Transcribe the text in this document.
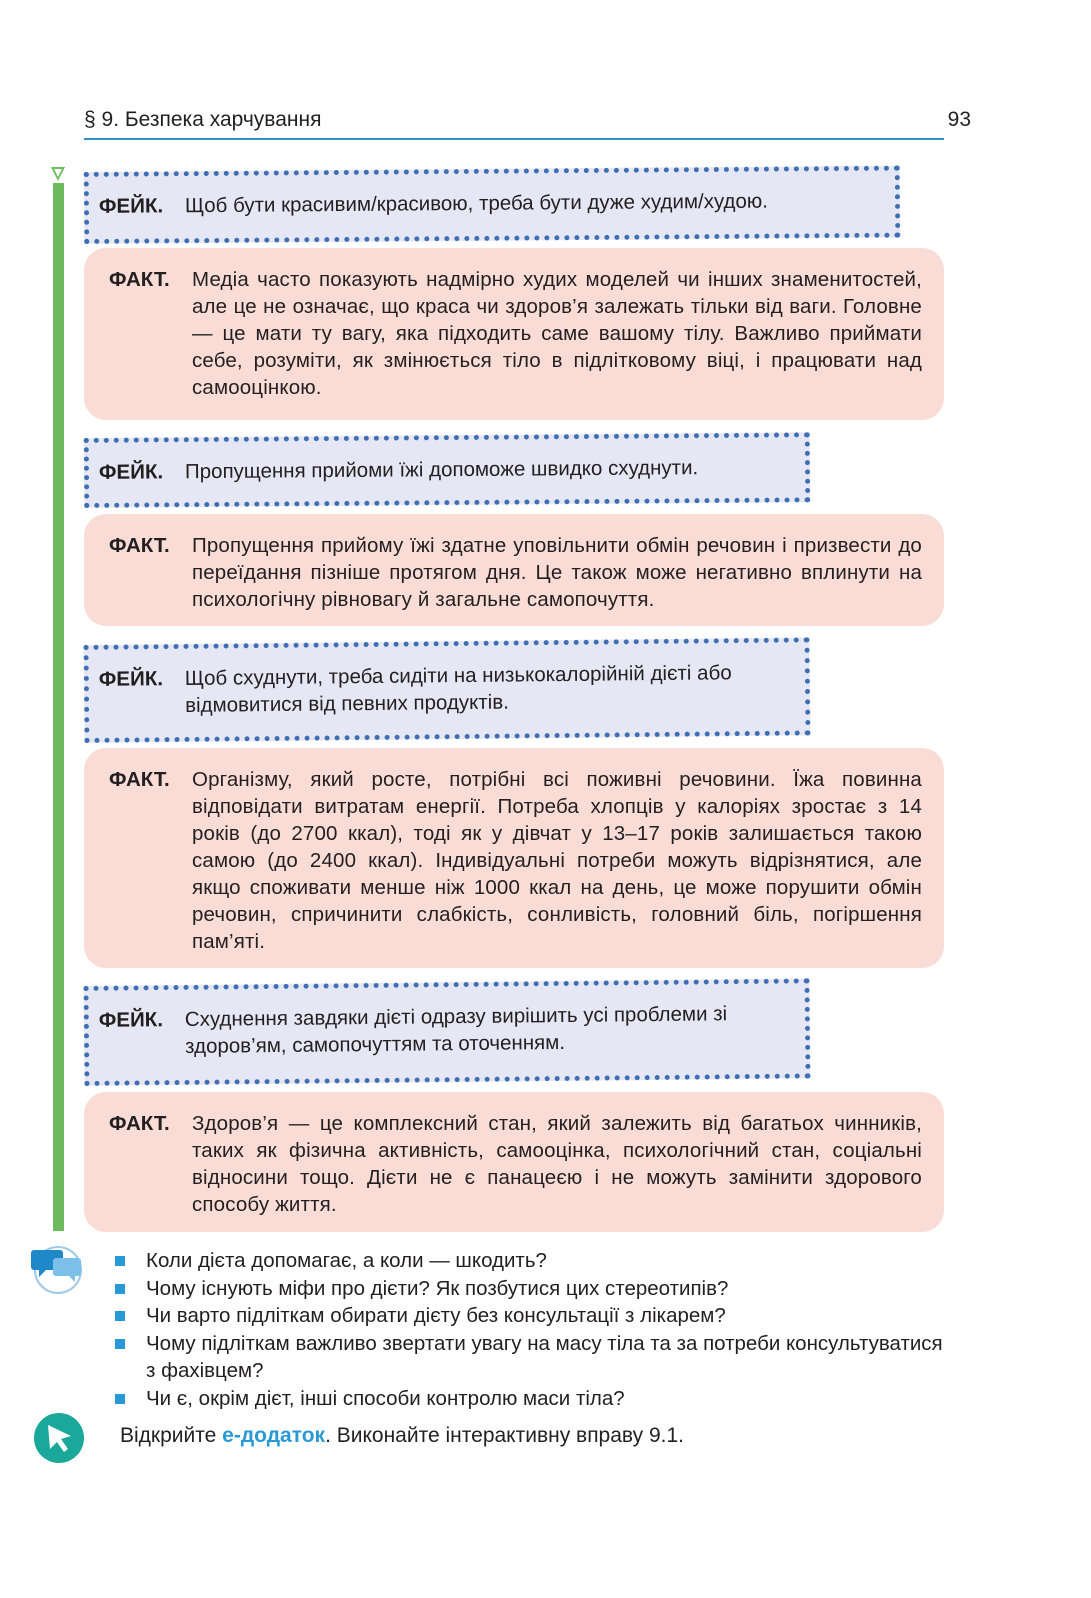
§ 9. Безпека харчування	93
ФЕЙК. Щоб бути красивим/красивою, треба бути дуже худим/худою.
ФАКТ. Медіа часто показують надмірно худих моделей чи інших знаменитостей, але це не означає, що краса чи здоров’я залежать тільки від ваги. Головне — це мати ту вагу, яка підходить саме вашому тілу. Важливо приймати себе, розуміти, як змінюється тіло в підлітковому віці, і працювати над самооцінкою.
ФЕЙК. Пропущення прийоми їжі допоможе швидко схуднути.
ФАКТ. Пропущення прийому їжі здатне уповільнити обмін речовин і призвести до переїдання пізніше протягом дня. Це також може негативно вплинути на психологічну рівновагу й загальне самопочуття.
ФЕЙК. Щоб схуднути, треба сидіти на низькокалорійній дієті або відмовитися від певних продуктів.
ФАКТ. Організму, який росте, потрібні всі поживні речовини. Їжа повинна відповідати витратам енергії. Потреба хлопців у калоріях зростає з 14 років (до 2700 ккал), тоді як у дівчат у 13–17 років залишається такою самою (до 2400 ккал). Індивідуальні потреби можуть відрізнятися, але якщо споживати менше ніж 1000 ккал на день, це може порушити обмін речовин, спричинити слабкість, сонливість, головний біль, погіршення пам’яті.
ФЕЙК. Схуднення завдяки дієті одразу вирішить усі проблеми зі здоров’ям, самопочуттям та оточенням.
ФАКТ. Здоров’я — це комплексний стан, який залежить від багатьох чинників, таких як фізична активність, самооцінка, психологічний стан, соціальні відносини тощо. Дієти не є панацеєю і не можуть замінити здорового способу життя.
Коли дієта допомагає, а коли — шкодить?
Чому існують міфи про дієти? Як позбутися цих стереотипів?
Чи варто підліткам обирати дієту без консультації з лікарем?
Чому підліткам важливо звертати увагу на масу тіла та за потреби консультуватися з фахівцем?
Чи є, окрім дієт, інші способи контролю маси тіла?
Відкрийте е-додаток. Виконайте інтерактивну вправу 9.1.
